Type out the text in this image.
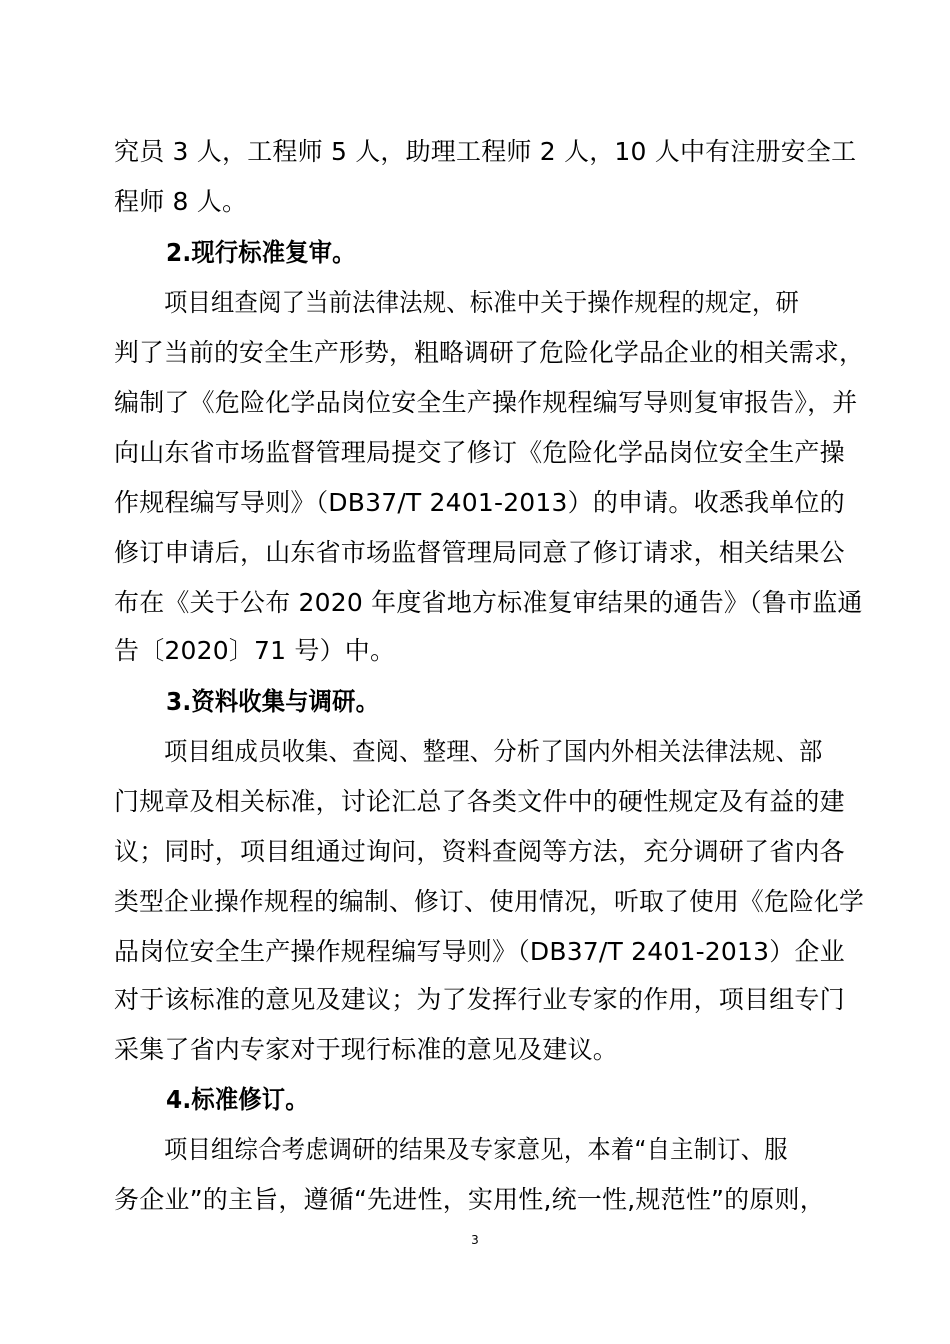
究员 3 人，工程师 5 人，助理工程师 2 人，10 人中有注册安全工
程师 8 人。
2.现行标准复审。
项目组查阅了当前法律法规、标准中关于操作规程的规定，研
判了当前的安全生产形势，粗略调研了危险化学品企业的相关需求，
编制了《危险化学品岗位安全生产操作规程编写导则复审报告》，并
向山东省市场监督管理局提交了修订《危险化学品岗位安全生产操
作规程编写导则》（DB37/T 2401-2013）的申请。收悉我单位的
修订申请后，山东省市场监督管理局同意了修订请求，相关结果公
布在《关于公布 2020 年度省地方标准复审结果的通告》（鲁市监通
告〔2020〕71 号）中。
3.资料收集与调研。
项目组成员收集、查阅、整理、分析了国内外相关法律法规、部
门规章及相关标准，讨论汇总了各类文件中的硬性规定及有益的建
议；同时，项目组通过询问，资料查阅等方法，充分调研了省内各
类型企业操作规程的编制、修订、使用情况，听取了使用《危险化学
品岗位安全生产操作规程编写导则》（DB37/T 2401-2013）企业
对于该标准的意见及建议；为了发挥行业专家的作用，项目组专门
采集了省内专家对于现行标准的意见及建议。
4.标准修订。
项目组综合考虑调研的结果及专家意见，本着“自主制订、服
务企业”的主旨，遵循“先进性，实用性,统一性,规范性”的原则，
3
